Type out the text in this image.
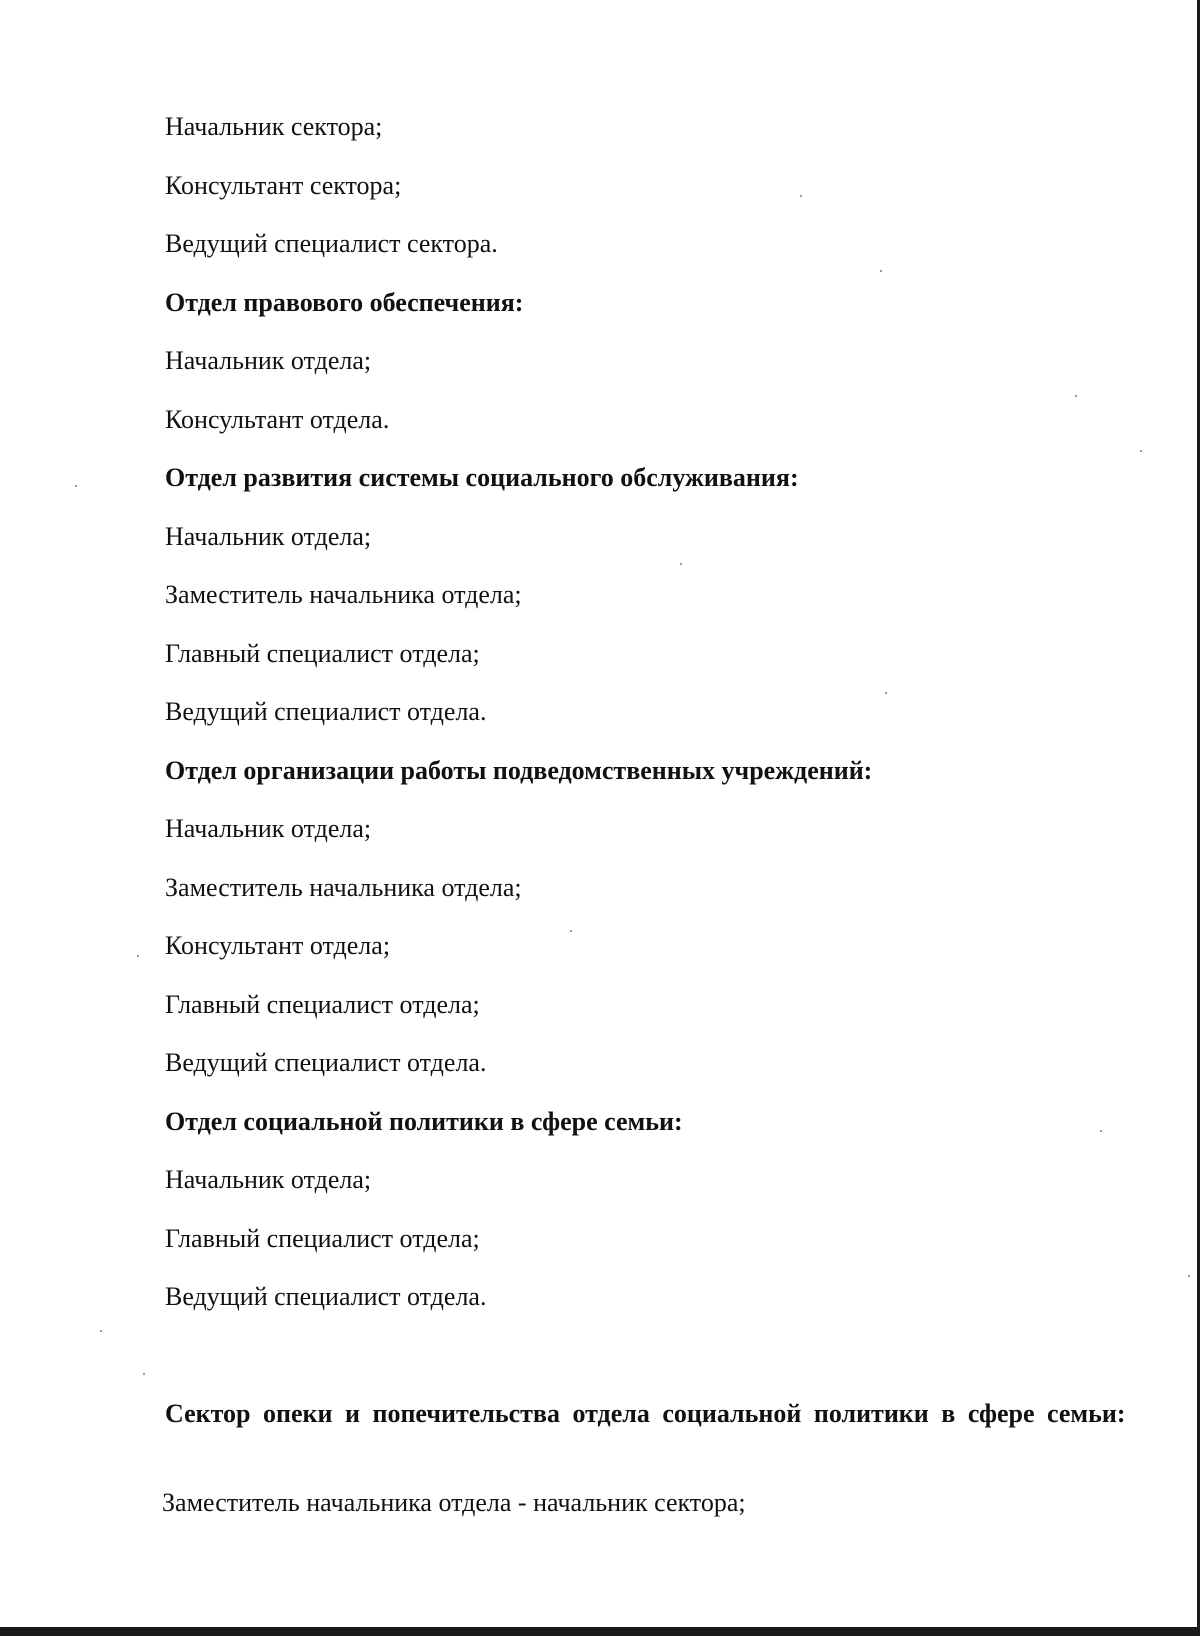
Начальник сектора;
Консультант сектора;
Ведущий специалист сектора.
Отдел правового обеспечения:
Начальник отдела;
Консультант отдела.
Отдел развития системы социального обслуживания:
Начальник отдела;
Заместитель начальника отдела;
Главный специалист отдела;
Ведущий специалист отдела.
Отдел организации работы подведомственных учреждений:
Начальник отдела;
Заместитель начальника отдела;
Консультант отдела;
Главный специалист отдела;
Ведущий специалист отдела.
Отдел социальной политики в сфере семьи:
Начальник отдела;
Главный специалист отдела;
Ведущий специалист отдела.
Сектор опеки и попечительства отдела социальной политики в сфере семьи:
Заместитель начальника отдела - начальник сектора;
